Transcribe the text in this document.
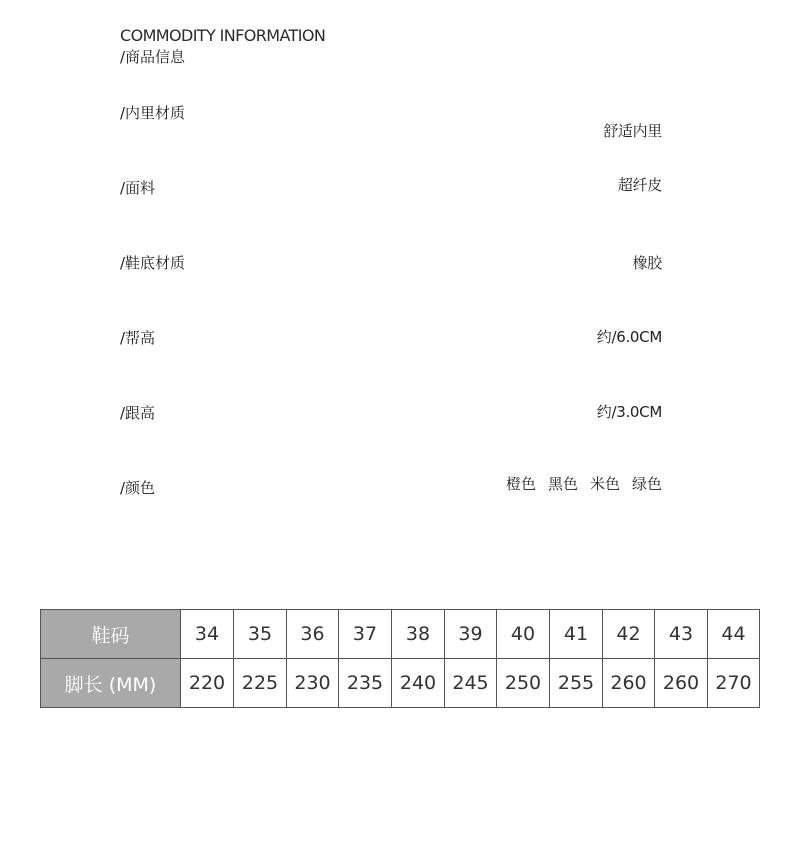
COMMODITY INFORMATION
/商品信息
/内里材质
舒适内里
/面料	超纤皮
/鞋底材质	橡胶
/帮高	约/6.0CM
/跟高	约/3.0CM
/颜色	橙色 黑色 米色 绿色
鞋码	34	35	36	37	38	39	40	41	42	43	44
脚长 (MM)	220	225	230	235	240	245	250	255	260	260	270
